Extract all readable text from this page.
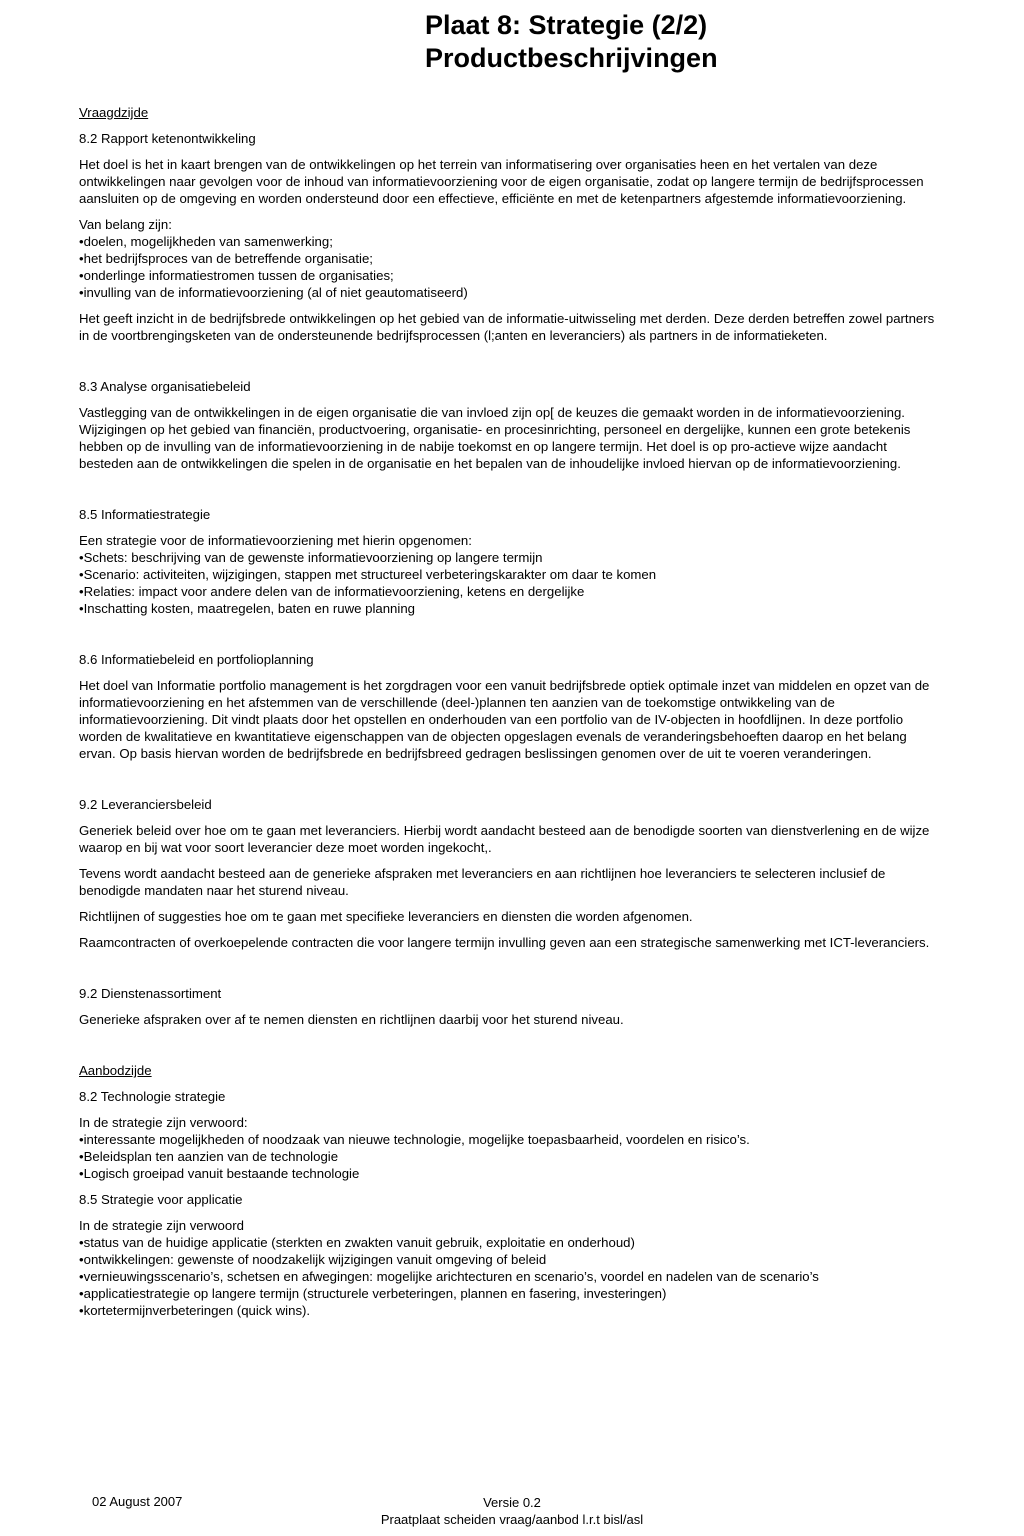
Plaat 8: Strategie (2/2)
Productbeschrijvingen

Vraagdzijde

8.2 Rapport ketenontwikkeling

Het doel is het in kaart brengen van de ontwikkelingen op het terrein van informatisering over organisaties heen en het vertalen van deze ontwikkelingen naar gevolgen voor de inhoud van informatievoorziening voor de eigen organisatie, zodat op langere termijn de bedrijfsprocessen aansluiten op de omgeving en worden ondersteund door een effectieve, efficiënte en met de ketenpartners afgestemde informatievoorziening.

Van belang zijn:
•doelen, mogelijkheden van samenwerking;
•het bedrijfsproces van de betreffende organisatie;
•onderlinge informatiestromen tussen de organisaties;
•invulling van de informatievoorziening (al of niet geautomatiseerd)

Het geeft inzicht in de bedrijfsbrede ontwikkelingen op het gebied van de informatie-uitwisseling met derden. Deze derden betreffen zowel partners in de voortbrengingsketen van de ondersteunende bedrijfsprocessen (l;anten en leveranciers) als partners in de informatieketen.

8.3 Analyse organisatiebeleid

Vastlegging van de ontwikkelingen in de eigen organisatie die van invloed zijn op[ de keuzes die gemaakt worden in de informatievoorziening. Wijzigingen op het gebied van financiën, productvoering, organisatie- en procesinrichting, personeel en dergelijke, kunnen een grote betekenis hebben op de invulling van de informatievoorziening in de nabije toekomst en op langere termijn. Het doel is op pro-actieve wijze aandacht besteden aan de ontwikkelingen die spelen in de organisatie en het bepalen van de inhoudelijke invloed hiervan op de informatievoorziening.

8.5 Informatiestrategie

Een strategie voor de informatievoorziening met hierin opgenomen:
•Schets: beschrijving van de gewenste informatievoorziening op langere termijn
•Scenario: activiteiten, wijzigingen, stappen met structureel verbeteringskarakter om daar te komen
•Relaties: impact voor andere delen van de informatievoorziening, ketens en dergelijke
•Inschatting kosten, maatregelen, baten en ruwe planning

8.6 Informatiebeleid en portfolioplanning

Het doel van Informatie portfolio management is het zorgdragen voor een vanuit bedrijfsbrede optiek optimale inzet van middelen en opzet van de informatievoorziening en het afstemmen van de verschillende (deel-)plannen ten aanzien van de toekomstige ontwikkeling van de informatievoorziening. Dit vindt plaats door het opstellen en onderhouden van een portfolio van de IV-objecten in hoofdlijnen. In deze portfolio worden de kwalitatieve en kwantitatieve eigenschappen van de objecten opgeslagen evenals de veranderingsbehoeften daarop en het belang ervan. Op basis hiervan worden de bedrijfsbrede en bedrijfsbreed gedragen beslissingen genomen over de uit te voeren veranderingen.

9.2 Leveranciersbeleid

Generiek beleid over hoe om te gaan met leveranciers. Hierbij wordt aandacht besteed aan de benodigde soorten van dienstverlening en de wijze waarop en bij wat voor soort leverancier deze moet worden ingekocht,.

Tevens wordt aandacht besteed aan de generieke afspraken met leveranciers en aan richtlijnen hoe leveranciers te selecteren inclusief de benodigde mandaten naar het sturend niveau.

Richtlijnen of suggesties hoe om te gaan met specifieke leveranciers en diensten die worden afgenomen.

Raamcontracten of overkoepelende contracten die voor langere termijn invulling geven aan een strategische samenwerking met ICT-leveranciers.

9.2 Dienstenassortiment

Generieke afspraken over af te nemen diensten en richtlijnen daarbij voor het sturend niveau.

Aanbodzijde

8.2 Technologie strategie

In de strategie zijn verwoord:
•interessante mogelijkheden of noodzaak van nieuwe technologie, mogelijke toepasbaarheid, voordelen en risico’s.
•Beleidsplan ten aanzien van de technologie
•Logisch groeipad vanuit bestaande technologie

8.5 Strategie voor applicatie

In de strategie zijn verwoord
•status van de huidige applicatie (sterkten en zwakten vanuit gebruik, exploitatie en onderhoud)
•ontwikkelingen: gewenste of noodzakelijk wijzigingen vanuit omgeving of beleid
•vernieuwingsscenario’s, schetsen en afwegingen: mogelijke arichtecturen en scenario’s, voordel en nadelen van de scenario’s
•applicatiestrategie op langere termijn (structurele verbeteringen, plannen en fasering, investeringen)
•kortetermijnverbeteringen (quick wins).
02 August 2007	Versie 0.2
Praatplaat scheiden vraag/aanbod l.r.t bisl/asl
